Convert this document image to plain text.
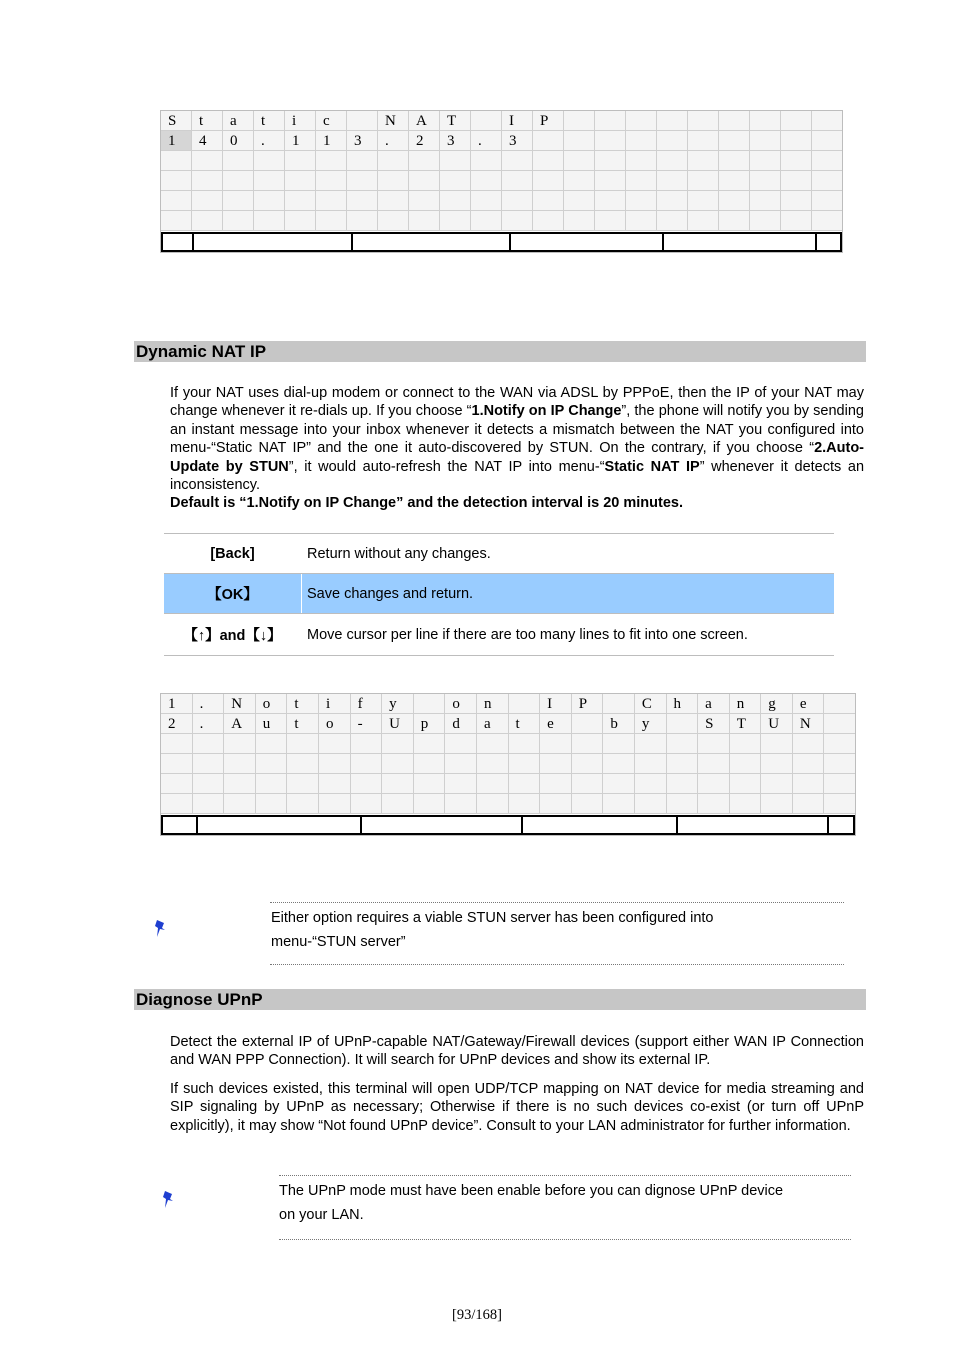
S	t	a	t	i	c	N	A	T	I	P
1	4	0	.	1	1	3	.	2	3	.	3
Dynamic NAT IP
If your NAT uses dial-up modem or connect to the WAN via ADSL by PPPoE, then the IP of your NAT may change whenever it re-dials up. If you choose “1.Notify on IP Change”, the phone will notify you by sending an instant message into your inbox whenever it detects a mismatch between the NAT you configured into menu-“Static NAT IP” and the one it auto-discovered by STUN. On the contrary, if you choose “2.Auto-Update by STUN”, it would auto-refresh the NAT IP into menu-“Static NAT IP” whenever it detects an inconsistency.
Default is “1.Notify on IP Change” and the detection interval is 20 minutes.
[Back]	Return without any changes.
【OK】	Save changes and return.
【↑】and【↓】	Move cursor per line if there are too many lines to fit into one screen.
1	.	N	o	t	i	f	y	o	n	I	P	C	h	a	n	g	e
2	.	A	u	t	o	-	U	p	d	a	t	e	b	y	S	T	U	N
Either option requires a viable STUN server has been configured into
menu-“STUN server”
Diagnose UPnP
Detect the external IP of UPnP-capable NAT/Gateway/Firewall devices (support either WAN IP Connection and WAN PPP Connection). It will search for UPnP devices and show its external IP.
If such devices existed, this terminal will open UDP/TCP mapping on NAT device for media streaming and SIP signaling by UPnP as necessary; Otherwise if there is no such devices co-exist (or turn off UPnP explicitly), it may show “Not found UPnP device”. Consult to your LAN administrator for further information.
The UPnP mode must have been enable before you can dignose UPnP device
on your LAN.
[93/168]
